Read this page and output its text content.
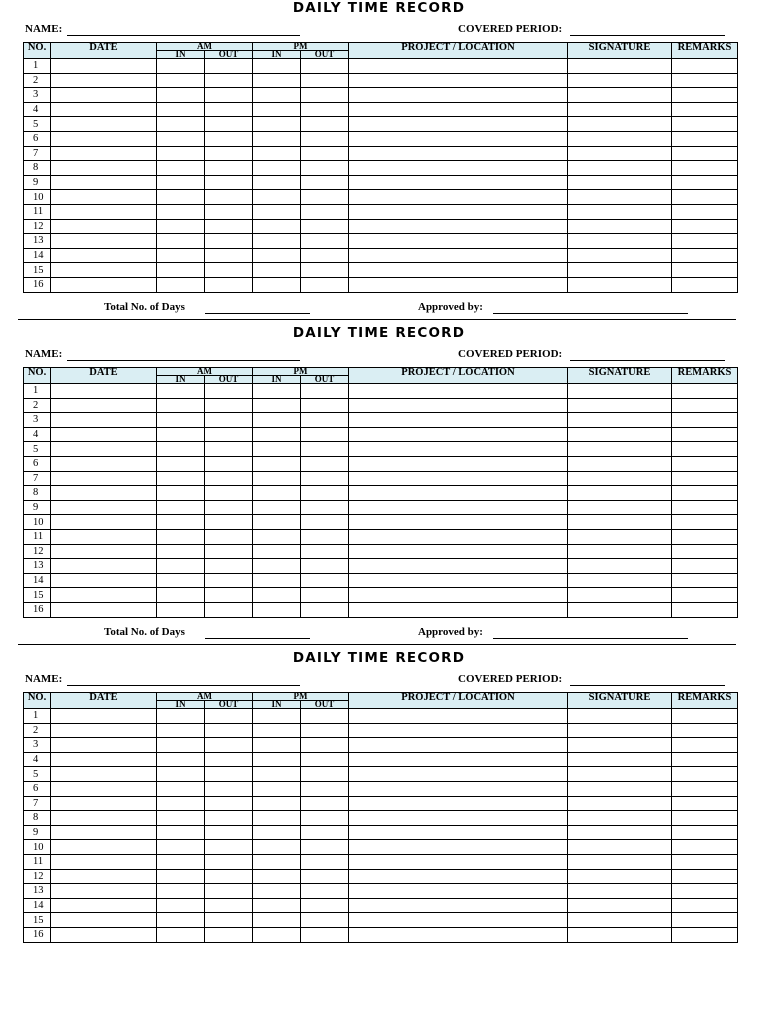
DAILY TIME RECORD
NAME:	COVERED PERIOD:
NO.	DATE	AM		PM		PROJECT / LOCATION	SIGNATURE	REMARKS
		IN	OUT	IN	OUT			
1								
2								
3								
4								
5								
6								
7								
8								
9								
10								
11								
12								
13								
14								
15								
16								
Total No. of Days	Approved by:
DAILY TIME RECORD
NAME:	COVERED PERIOD:
NO.	DATE	AM		PM		PROJECT / LOCATION	SIGNATURE	REMARKS
		IN	OUT	IN	OUT			
1								
2								
3								
4								
5								
6								
7								
8								
9								
10								
11								
12								
13								
14								
15								
16								
Total No. of Days	Approved by:
DAILY TIME RECORD
NAME:	COVERED PERIOD:
NO.	DATE	AM		PM		PROJECT / LOCATION	SIGNATURE	REMARKS
		IN	OUT	IN	OUT			
1								
2								
3								
4								
5								
6								
7								
8								
9								
10								
11								
12								
13								
14								
15								
16								
